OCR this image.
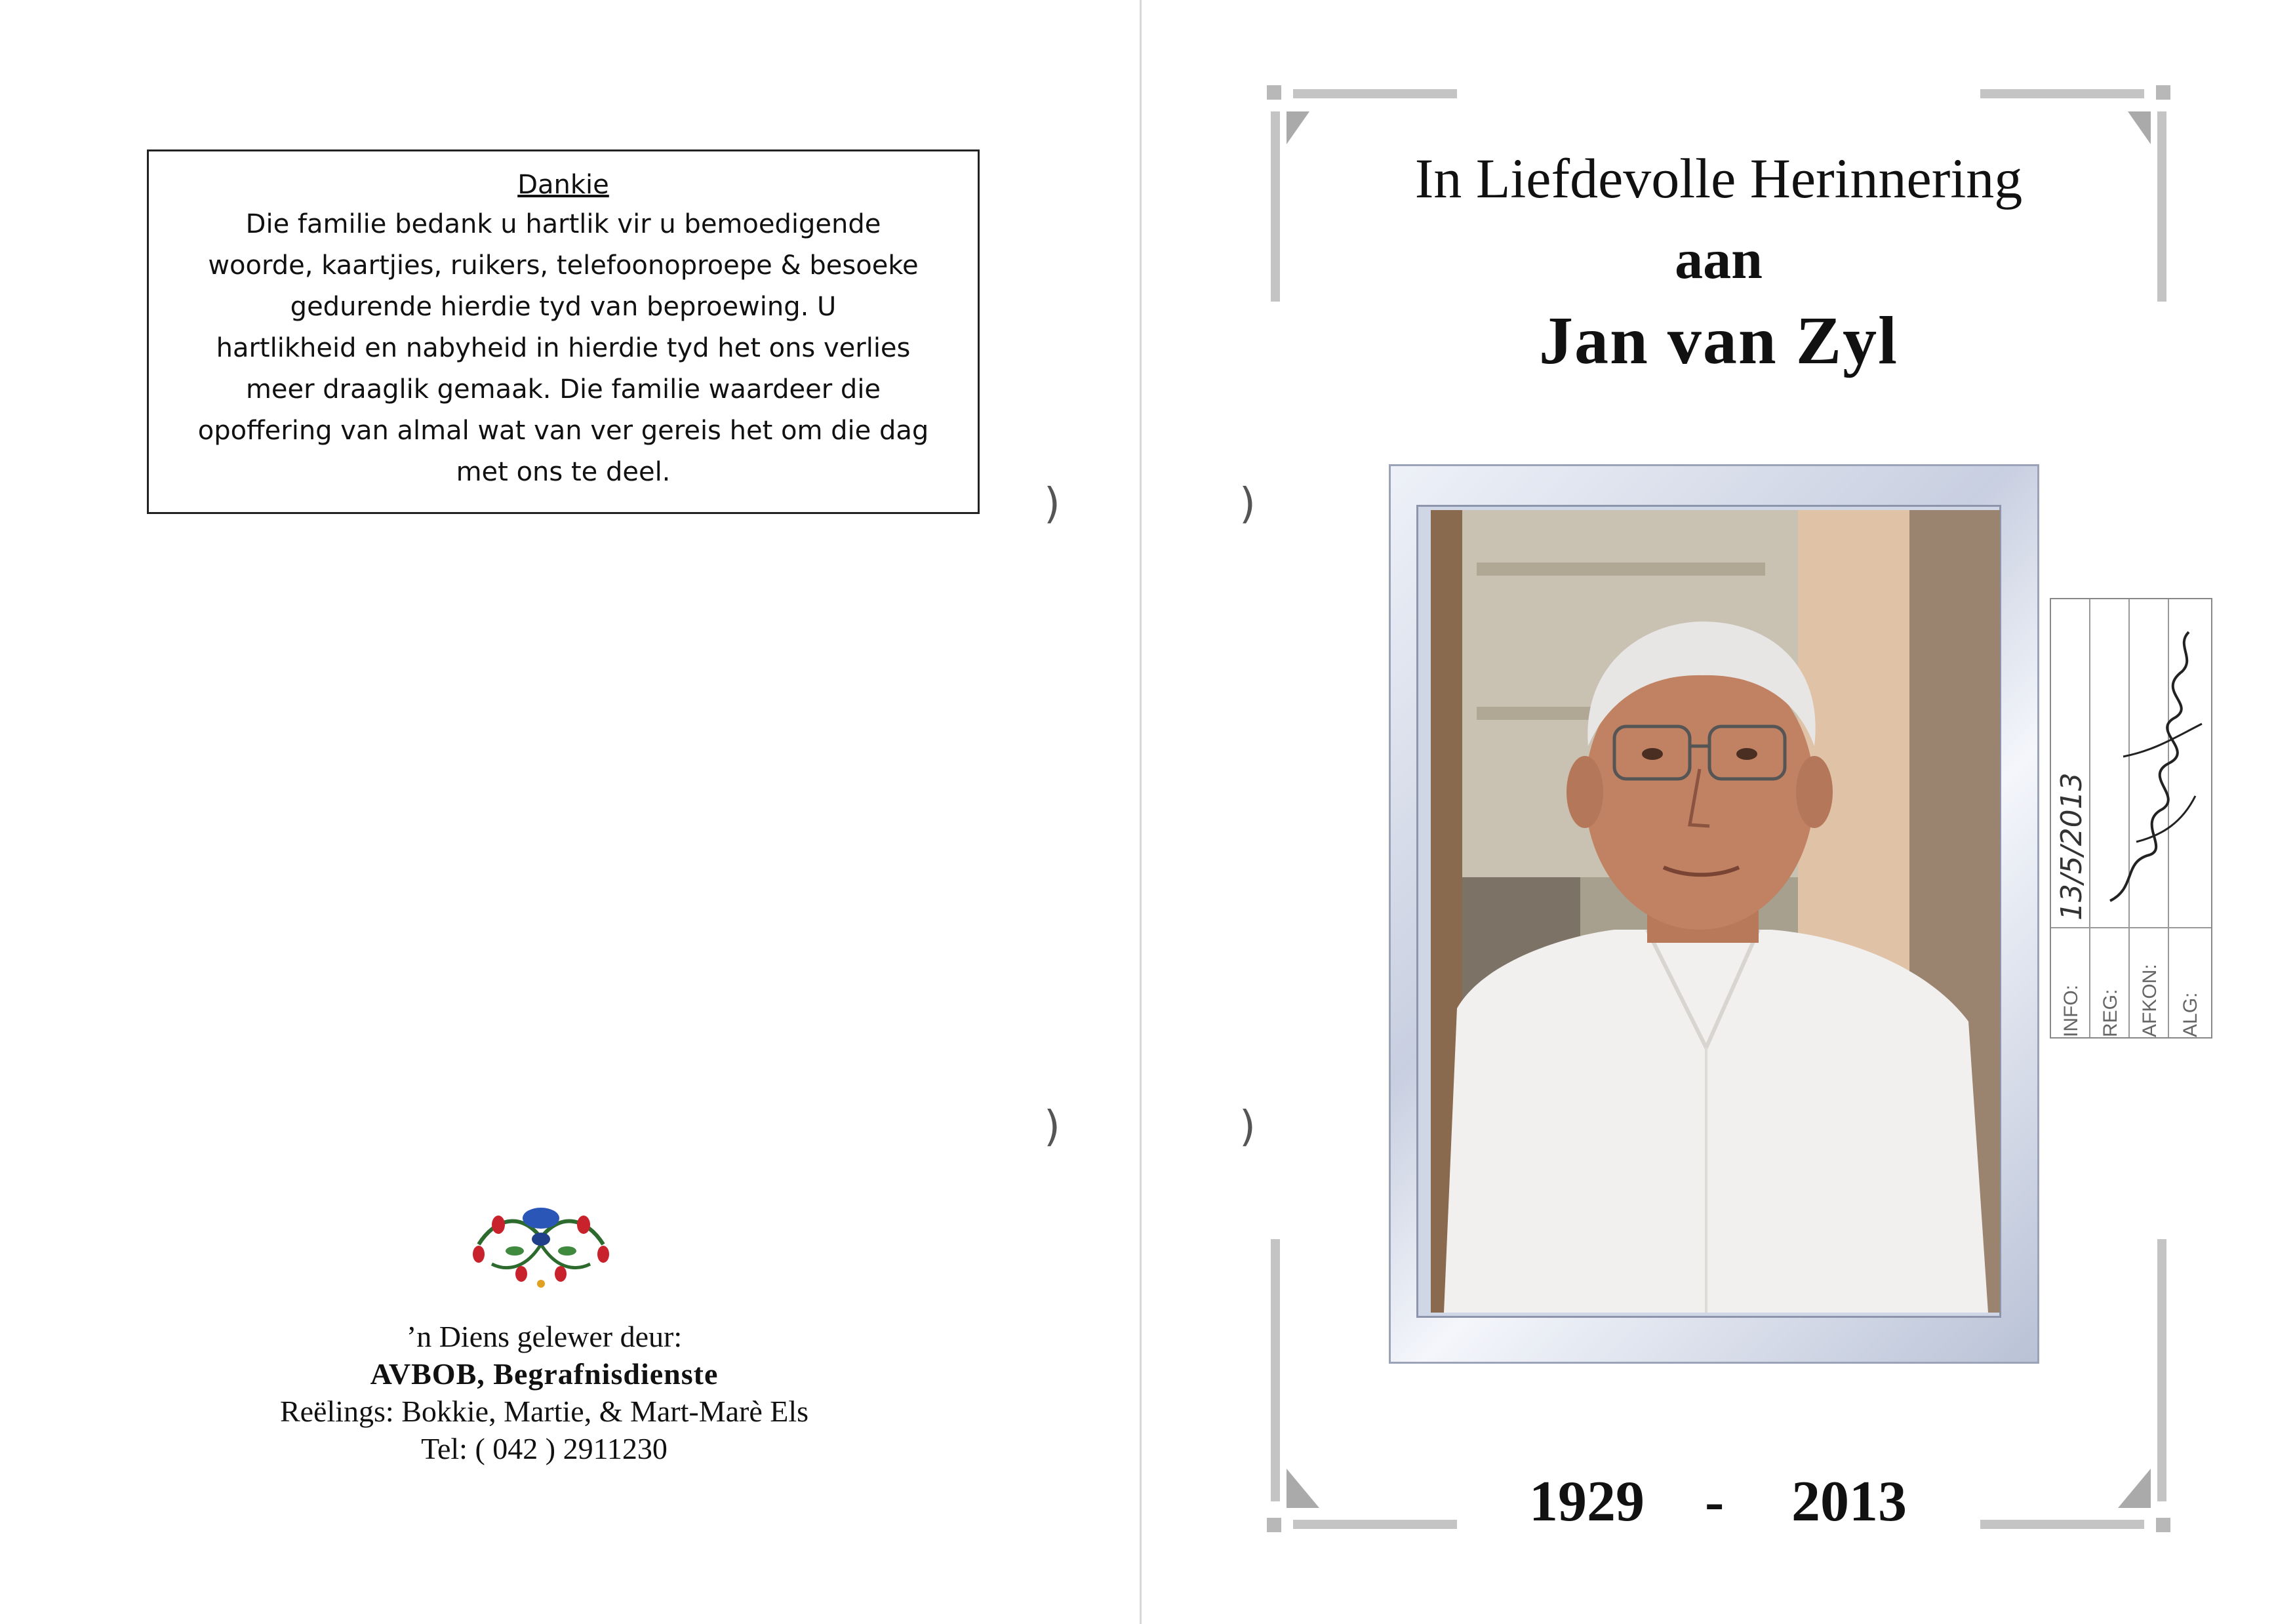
Dankie
Die familie bedank u hartlik vir u bemoedigende
woorde, kaartjies, ruikers, telefoonoproepe & besoeke
gedurende hierdie tyd van beproewing. U
hartlikheid en nabyheid in hierdie tyd het ons verlies
meer draaglik gemaak. Die familie waardeer die
opoffering van almal wat van ver gereis het om die dag
met ons te deel.
)
)
’n Diens gelewer deur:
AVBOB, Begrafnisdienste
Reëlings: Bokkie, Martie, & Mart-Marè Els
Tel: ( 042 ) 2911230
In Liefdevolle Herinnering
aan
Jan van Zyl
)
)
1929 - 2013
INFO: REG: AFKON: ALG:
13/5/2013
